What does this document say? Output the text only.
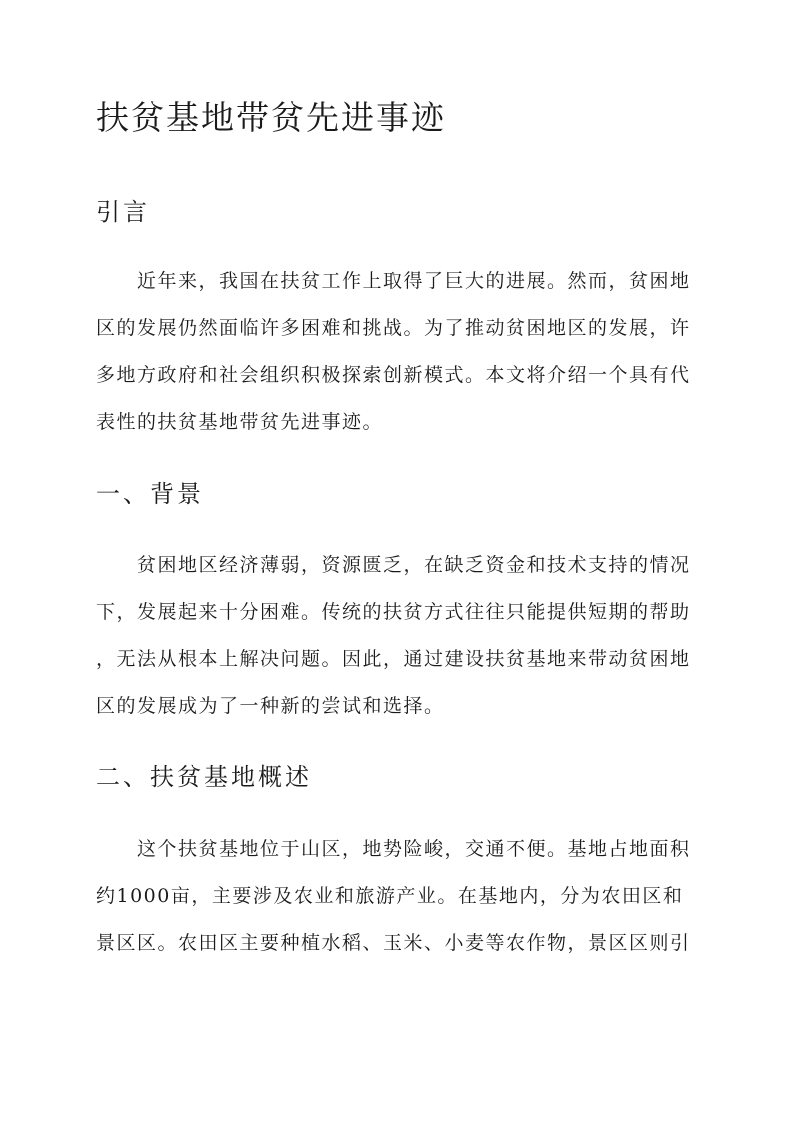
扶贫基地带贫先进事迹
引言

近年来，我国在扶贫工作上取得了巨大的进展。然而，贫困地
区的发展仍然面临许多困难和挑战。为了推动贫困地区的发展，许
多地方政府和社会组织积极探索创新模式。本文将介绍一个具有代
表性的扶贫基地带贫先进事迹。

一、背景

贫困地区经济薄弱，资源匮乏，在缺乏资金和技术支持的情况
下，发展起来十分困难。传统的扶贫方式往往只能提供短期的帮助
，无法从根本上解决问题。因此，通过建设扶贫基地来带动贫困地
区的发展成为了一种新的尝试和选择。

二、扶贫基地概述

这个扶贫基地位于山区，地势险峻，交通不便。基地占地面积
约1000亩，主要涉及农业和旅游产业。在基地内，分为农田区和
景区区。农田区主要种植水稻、玉米、小麦等农作物，景区区则引
